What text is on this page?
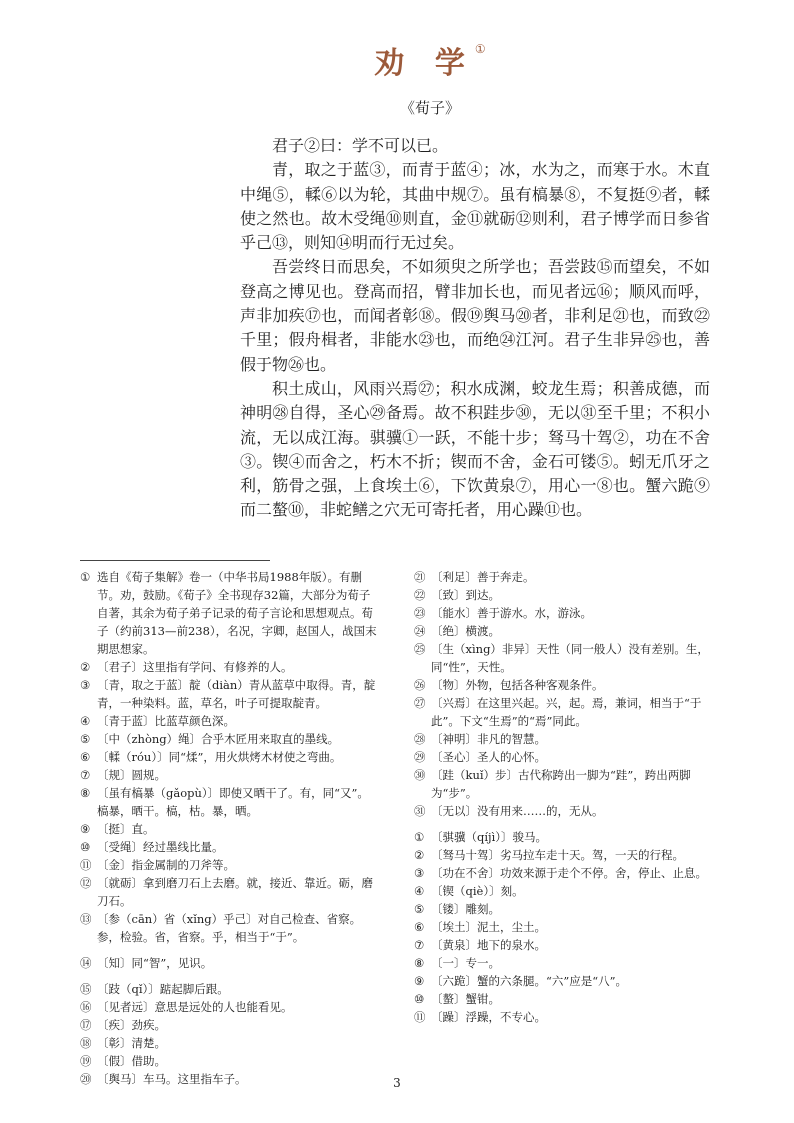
劝 学①
《荀子》

君子②曰：学不可以已。

青，取之于蓝③，而青于蓝④；冰，水为之，而寒于水。木直中绳⑤，輮⑥以为轮，其曲中规⑦。虽有槁暴⑧，不复挺⑨者，輮使之然也。故木受绳⑩则直，金⑪就砺⑫则利，君子博学而日参省乎己⑬，则知⑭明而行无过矣。

吾尝终日而思矣，不如须臾之所学也；吾尝跂⑮而望矣，不如登高之博见也。登高而招，臂非加长也，而见者远⑯；顺风而呼，声非加疾⑰也，而闻者彰⑱。假⑲舆马⑳者，非利足㉑也，而致㉒千里；假舟楫者，非能水㉓也，而绝㉔江河。君子生非异㉕也，善假于物㉖也。

积土成山，风雨兴焉㉗；积水成渊，蛟龙生焉；积善成德，而神明㉘自得，圣心㉙备焉。故不积跬步㉚，无以㉛至千里；不积小流，无以成江海。骐骥①一跃，不能十步；驽马十驾②，功在不舍③。锲④而舍之，朽木不折；锲而不舍，金石可镂⑤。蚓无爪牙之利，筋骨之强，上食埃土⑥，下饮黄泉⑦，用心一⑧也。蟹六跪⑨而二螯⑩，非蛇鳝之穴无可寄托者，用心躁⑪也。

① 选自《荀子集解》卷一（中华书局1988年版）。有删节。劝，鼓励。《荀子》全书现存32篇，大部分为荀子自著，其余为荀子弟子记录的荀子言论和思想观点。荀子（约前313—前238），名况，字卿，赵国人，战国末期思想家。
② 〔君子〕这里指有学问、有修养的人。
③ 〔青，取之于蓝〕靛（diàn）青从蓝草中取得。青，靛青，一种染料。蓝，草名，叶子可提取靛青。
④ 〔青于蓝〕比蓝草颜色深。
⑤ 〔中（zhòng）绳〕合乎木匠用来取直的墨线。
⑥ 〔輮（róu）〕同“煣”，用火烘烤木材使之弯曲。
⑦ 〔规〕圆规。
⑧ 〔虽有槁暴（gǎopù）〕即使又晒干了。有，同“又”。槁暴，晒干。槁，枯。暴，晒。
⑨ 〔挺〕直。
⑩ 〔受绳〕经过墨线比量。
⑪ 〔金〕指金属制的刀斧等。
⑫ 〔就砺〕拿到磨刀石上去磨。就，接近、靠近。砺，磨刀石。
⑬ 〔参（cān）省（xǐng）乎己〕对自己检查、省察。参，检验。省，省察。乎，相当于“于”。
⑭ 〔知〕同“智”，见识。
⑮ 〔跂（qǐ）〕踮起脚后跟。
⑯ 〔见者远〕意思是远处的人也能看见。
⑰ 〔疾〕劲疾。
⑱ 〔彰〕清楚。
⑲ 〔假〕借助。
⑳ 〔舆马〕车马。这里指车子。
㉑ 〔利足〕善于奔走。
㉒ 〔致〕到达。
㉓ 〔能水〕善于游水。水，游泳。
㉔ 〔绝〕横渡。
㉕ 〔生（xìng）非异〕天性（同一般人）没有差别。生，同“性”，天性。
㉖ 〔物〕外物，包括各种客观条件。
㉗ 〔兴焉〕在这里兴起。兴，起。焉，兼词，相当于“于此”。下文“生焉”的“焉”同此。
㉘ 〔神明〕非凡的智慧。
㉙ 〔圣心〕圣人的心怀。
㉚ 〔跬（kuǐ）步〕古代称跨出一脚为“跬”，跨出两脚为“步”。
㉛ 〔无以〕没有用来……的，无从。
① 〔骐骥（qíjì）〕骏马。
② 〔驽马十驾〕劣马拉车走十天。驾，一天的行程。
③ 〔功在不舍〕功效来源于走个不停。舍，停止、止息。
④ 〔锲（qiè）〕刻。
⑤ 〔镂〕雕刻。
⑥ 〔埃土〕泥土，尘土。
⑦ 〔黄泉〕地下的泉水。
⑧ 〔一〕专一。
⑨ 〔六跪〕蟹的六条腿。“六”应是“八”。
⑩ 〔螯〕蟹钳。
⑪ 〔躁〕浮躁，不专心。
3
